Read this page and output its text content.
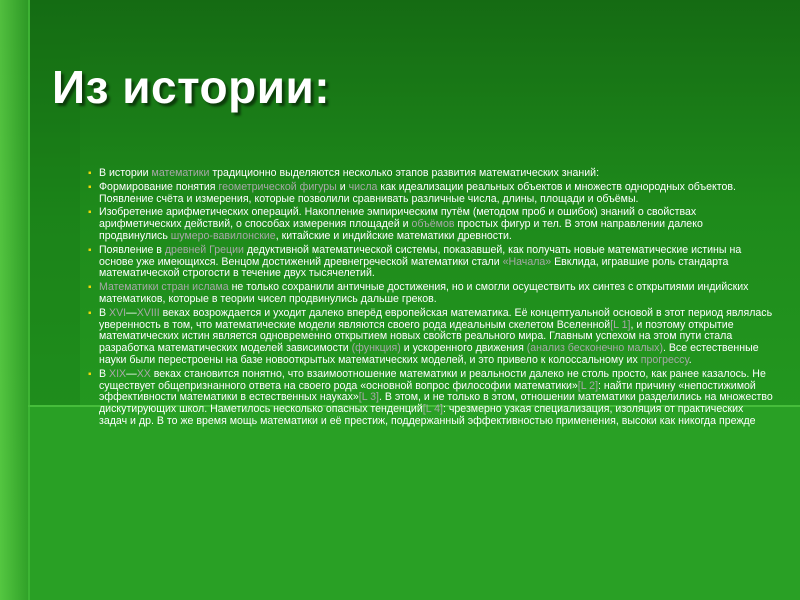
Из истории:
▪ В истории математики традиционно выделяются несколько этапов развития математических знаний:
▪ Формирование понятия геометрической фигуры и числа как идеализации реальных объектов и множеств однородных объектов. Появление счёта и измерения, которые позволили сравнивать различные числа, длины, площади и объёмы.
▪ Изобретение арифметических операций. Накопление эмпирическим путём (методом проб и ошибок) знаний о свойствах арифметических действий, о способах измерения площадей и объёмов простых фигур и тел. В этом направлении далеко продвинулись шумеро-вавилонские, китайские и индийские математики древности.
▪ Появление в древней Греции дедуктивной математической системы, показавшей, как получать новые математические истины на основе уже имеющихся. Венцом достижений древнегреческой математики стали «Начала» Евклида, игравшие роль стандарта математической строгости в течение двух тысячелетий.
▪ Математики стран ислама не только сохранили античные достижения, но и смогли осуществить их синтез с открытиями индийских математиков, которые в теории чисел продвинулись дальше греков.
▪ В XVI—XVIII веках возрождается и уходит далеко вперёд европейская математика. Её концептуальной основой в этот период являлась уверенность в том, что математические модели являются своего рода идеальным скелетом Вселенной[L 1], и поэтому открытие математических истин является одновременно открытием новых свойств реального мира. Главным успехом на этом пути стала разработка математических моделей зависимости (функция) и ускоренного движения (анализ бесконечно малых). Все естественные науки были перестроены на базе новооткрытых математических моделей, и это привело к колоссальному их прогрессу.
▪ В XIX—XX веках становится понятно, что взаимоотношение математики и реальности далеко не столь просто, как ранее казалось. Не существует общепризнанного ответа на своего рода «основной вопрос философии математики»[L 2]: найти причину «непостижимой эффективности математики в естественных науках»[L 3]. В этом, и не только в этом, отношении математики разделились на множество дискутирующих школ. Наметилось несколько опасных тенденций[L 4]: чрезмерно узкая специализация, изоляция от практических задач и др. В то же время мощь математики и её престиж, поддержанный эффективностью применения, высоки как никогда прежде
